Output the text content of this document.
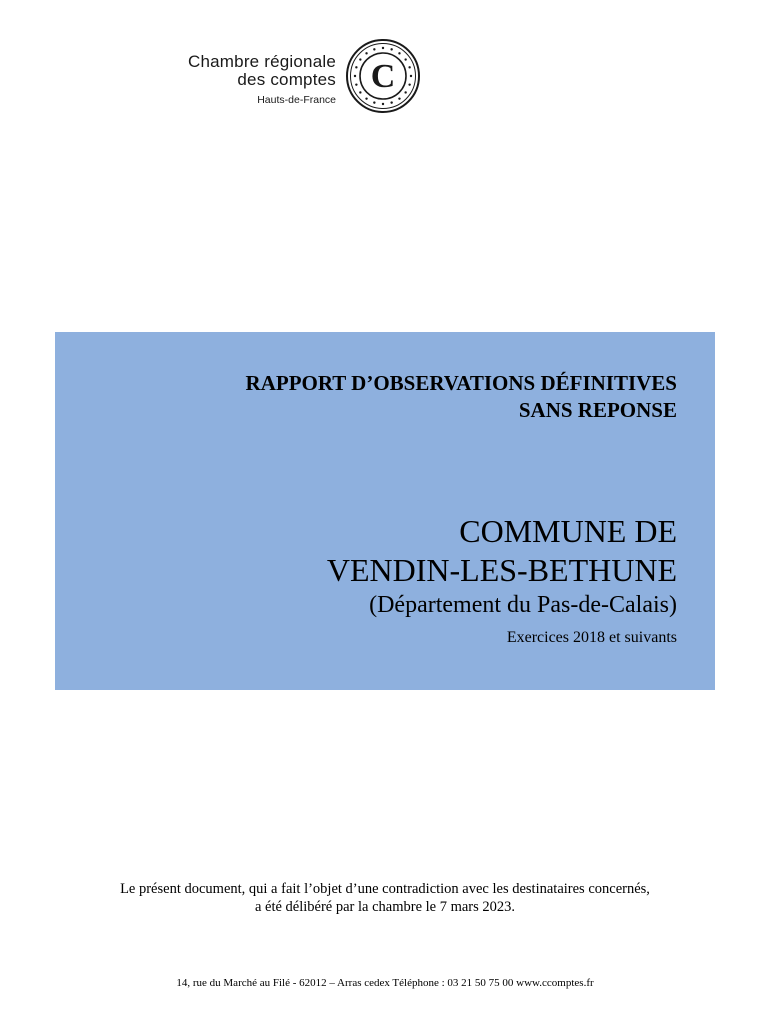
Chambre régionale
des comptes
Hauts-de-France
C
RAPPORT D’OBSERVATIONS DÉFINITIVES
SANS REPONSE
COMMUNE DE
VENDIN-LES-BETHUNE
(Département du Pas-de-Calais)
Exercices 2018 et suivants
Le présent document, qui a fait l’objet d’une contradiction avec les destinataires concernés,
a été délibéré par la chambre le 7 mars 2023.
14, rue du Marché au Filé - 62012 – Arras cedex Téléphone : 03 21 50 75 00 www.ccomptes.fr
